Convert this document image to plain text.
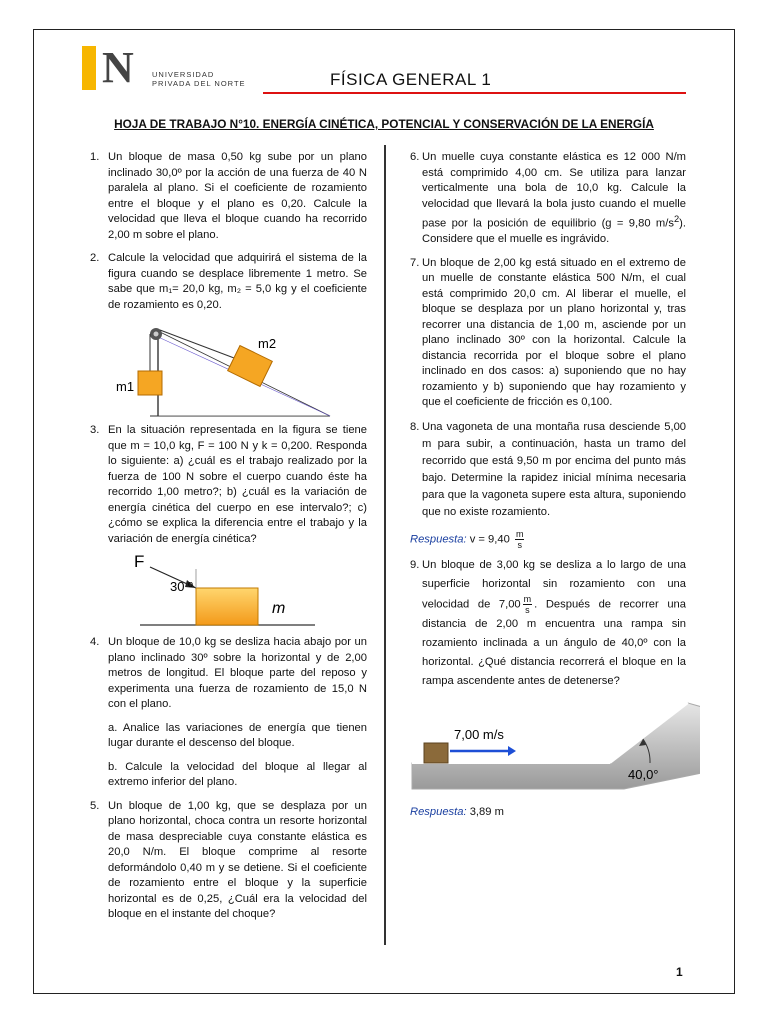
N UNIVERSIDAD
PRIVADA DEL NORTE	FÍSICA GENERAL 1
HOJA DE TRABAJO N°10. ENERGÍA CINÉTICA, POTENCIAL Y CONSERVACIÓN DE LA ENERGÍA
1. Un bloque de masa 0,50 kg sube por un plano inclinado 30,0º por la acción de una fuerza de 40 N paralela al plano. Si el coeficiente de rozamiento entre el bloque y el plano es 0,20. Calcule la velocidad que lleva el bloque cuando ha recorrido 2,00 m sobre el plano.
2. Calcule la velocidad que adquirirá el sistema de la figura cuando se desplace libremente 1 metro. Se sabe que m₁= 20,0 kg, m₂ = 5,0 kg y el coeficiente de rozamiento es 0,20.
m1
m2
3. En la situación representada en la figura se tiene que m = 10,0 kg, F = 100 N y k = 0,200. Responda lo siguiente: a) ¿cuál es el trabajo realizado por la fuerza de 100 N sobre el cuerpo cuando éste ha recorrido 1,00 metro?; b) ¿cuál es la variación de energía cinética del cuerpo en ese intervalo?; c) ¿cómo se explica la diferencia entre el trabajo y la variación de energía cinética?
F
30 º
m
4. Un bloque de 10,0 kg se desliza hacia abajo por un plano inclinado 30º sobre la horizontal y de 2,00 metros de longitud. El bloque parte del reposo y experimenta una fuerza de rozamiento de 15,0 N con el plano.
a. Analice las variaciones de energía que tienen lugar durante el descenso del bloque.
b. Calcule la velocidad del bloque al llegar al extremo inferior del plano.
5. Un bloque de 1,00 kg, que se desplaza por un plano horizontal, choca contra un resorte horizontal de masa despreciable cuya constante elástica es 20,0 N/m. El bloque comprime al resorte deformándolo 0,40 m y se detiene. Si el coeficiente de rozamiento entre el bloque y la superficie horizontal es de 0,25, ¿Cuál era la velocidad del bloque en el instante del choque?
6. Un muelle cuya constante elástica es 12 000 N/m está comprimido 4,00 cm. Se utiliza para lanzar verticalmente una bola de 10,0 kg. Calcule la velocidad que llevará la bola justo cuando el muelle pase por la posición de equilibrio (g = 9,80 $m/s^2$). Considere que el muelle es ingrávido.
7. Un bloque de 2,00 kg está situado en el extremo de un muelle de constante elástica 500 N/m, el cual está comprimido 20,0 cm. Al liberar el muelle, el bloque se desplaza por un plano horizontal y, tras recorrer una distancia de 1,00 m, asciende por un plano inclinado 30º con la horizontal. Calcule la distancia recorrida por el bloque sobre el plano inclinado en dos casos: a) suponiendo que no hay rozamiento y b) suponiendo que hay rozamiento y que el coeficiente de fricción es 0,100.
8. Una vagoneta de una montaña rusa desciende 5,00 m para subir, a continuación, hasta un tramo del recorrido que está 9,50 m por encima del punto más bajo. Determine la rapidez inicial mínima necesaria para que la vagoneta supere esta altura, suponiendo que no existe rozamiento.
Respuesta: $v = 9,40 \frac{m}{s}$
9. Un bloque de 3,00 kg se desliza a lo largo de una superficie horizontal sin rozamiento con una velocidad de $7,00 \frac{m}{s}$ . Después de recorrer una distancia de 2,00 m encuentra una rampa sin rozamiento inclinada a un ángulo de 40,0º con la horizontal. ¿Qué distancia recorrerá el bloque en la rampa ascendente antes de detenerse?
7,00 m/s
40,0°
Respuesta: 3,89 m
1
